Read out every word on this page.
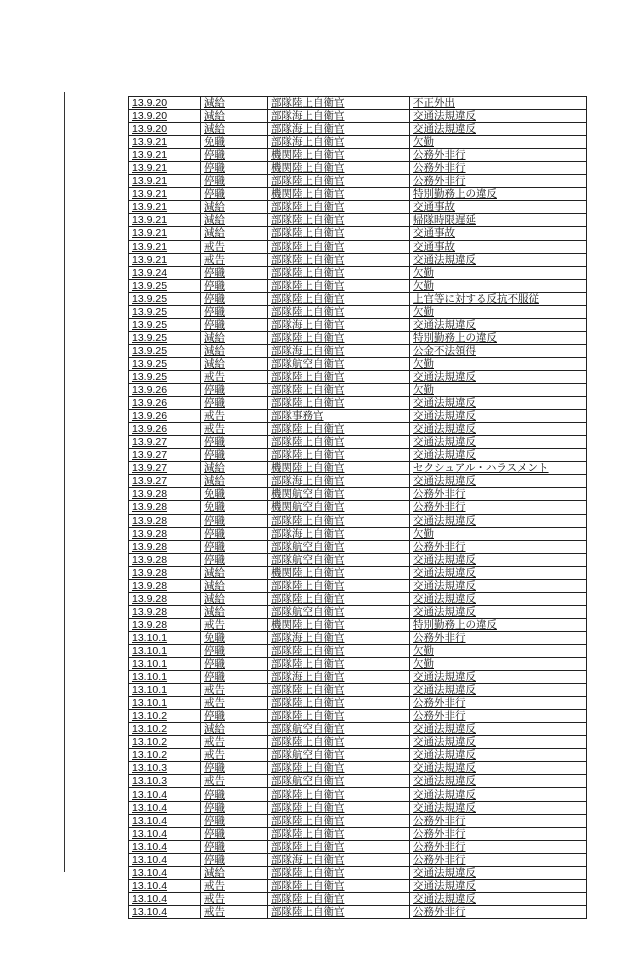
13.9.20	減給	部隊陸上自衛官	不正外出
13.9.20	減給	部隊海上自衛官	交通法規違反
13.9.20	減給	部隊海上自衛官	交通法規違反
13.9.21	免職	部隊海上自衛官	欠勤
13.9.21	停職	機関陸上自衛官	公務外非行
13.9.21	停職	機関陸上自衛官	公務外非行
13.9.21	停職	部隊陸上自衛官	公務外非行
13.9.21	停職	機関陸上自衛官	特別勤務上の違反
13.9.21	減給	部隊陸上自衛官	交通事故
13.9.21	減給	部隊陸上自衛官	帰隊時限遅延
13.9.21	減給	部隊陸上自衛官	交通事故
13.9.21	戒告	部隊陸上自衛官	交通事故
13.9.21	戒告	部隊陸上自衛官	交通法規違反
13.9.24	停職	部隊陸上自衛官	欠勤
13.9.25	停職	部隊陸上自衛官	欠勤
13.9.25	停職	部隊陸上自衛官	上官等に対する反抗不服従
13.9.25	停職	部隊陸上自衛官	欠勤
13.9.25	停職	部隊海上自衛官	交通法規違反
13.9.25	減給	部隊陸上自衛官	特別勤務上の違反
13.9.25	減給	部隊海上自衛官	公金不法領得
13.9.25	減給	部隊航空自衛官	欠勤
13.9.25	戒告	部隊陸上自衛官	交通法規違反
13.9.26	停職	部隊陸上自衛官	欠勤
13.9.26	停職	部隊陸上自衛官	交通法規違反
13.9.26	戒告	部隊事務官	交通法規違反
13.9.26	戒告	部隊陸上自衛官	交通法規違反
13.9.27	停職	部隊陸上自衛官	交通法規違反
13.9.27	停職	部隊陸上自衛官	交通法規違反
13.9.27	減給	機関陸上自衛官	セクシュアル・ハラスメント
13.9.27	減給	部隊海上自衛官	交通法規違反
13.9.28	免職	機関航空自衛官	公務外非行
13.9.28	免職	機関航空自衛官	公務外非行
13.9.28	停職	部隊陸上自衛官	交通法規違反
13.9.28	停職	部隊海上自衛官	欠勤
13.9.28	停職	部隊航空自衛官	公務外非行
13.9.28	停職	部隊航空自衛官	交通法規違反
13.9.28	減給	機関陸上自衛官	交通法規違反
13.9.28	減給	部隊陸上自衛官	交通法規違反
13.9.28	減給	部隊陸上自衛官	交通法規違反
13.9.28	減給	部隊航空自衛官	交通法規違反
13.9.28	戒告	機関陸上自衛官	特別勤務上の違反
13.10.1	免職	部隊海上自衛官	公務外非行
13.10.1	停職	部隊陸上自衛官	欠勤
13.10.1	停職	部隊陸上自衛官	欠勤
13.10.1	停職	部隊海上自衛官	交通法規違反
13.10.1	戒告	部隊陸上自衛官	交通法規違反
13.10.1	戒告	部隊陸上自衛官	公務外非行
13.10.2	停職	部隊陸上自衛官	公務外非行
13.10.2	減給	部隊航空自衛官	交通法規違反
13.10.2	戒告	部隊陸上自衛官	交通法規違反
13.10.2	戒告	部隊航空自衛官	交通法規違反
13.10.3	停職	部隊陸上自衛官	交通法規違反
13.10.3	戒告	部隊航空自衛官	交通法規違反
13.10.4	停職	部隊陸上自衛官	交通法規違反
13.10.4	停職	部隊陸上自衛官	交通法規違反
13.10.4	停職	部隊陸上自衛官	公務外非行
13.10.4	停職	部隊陸上自衛官	公務外非行
13.10.4	停職	部隊陸上自衛官	公務外非行
13.10.4	停職	部隊海上自衛官	公務外非行
13.10.4	減給	部隊陸上自衛官	交通法規違反
13.10.4	戒告	部隊陸上自衛官	交通法規違反
13.10.4	戒告	部隊陸上自衛官	交通法規違反
13.10.4	戒告	部隊陸上自衛官	公務外非行
